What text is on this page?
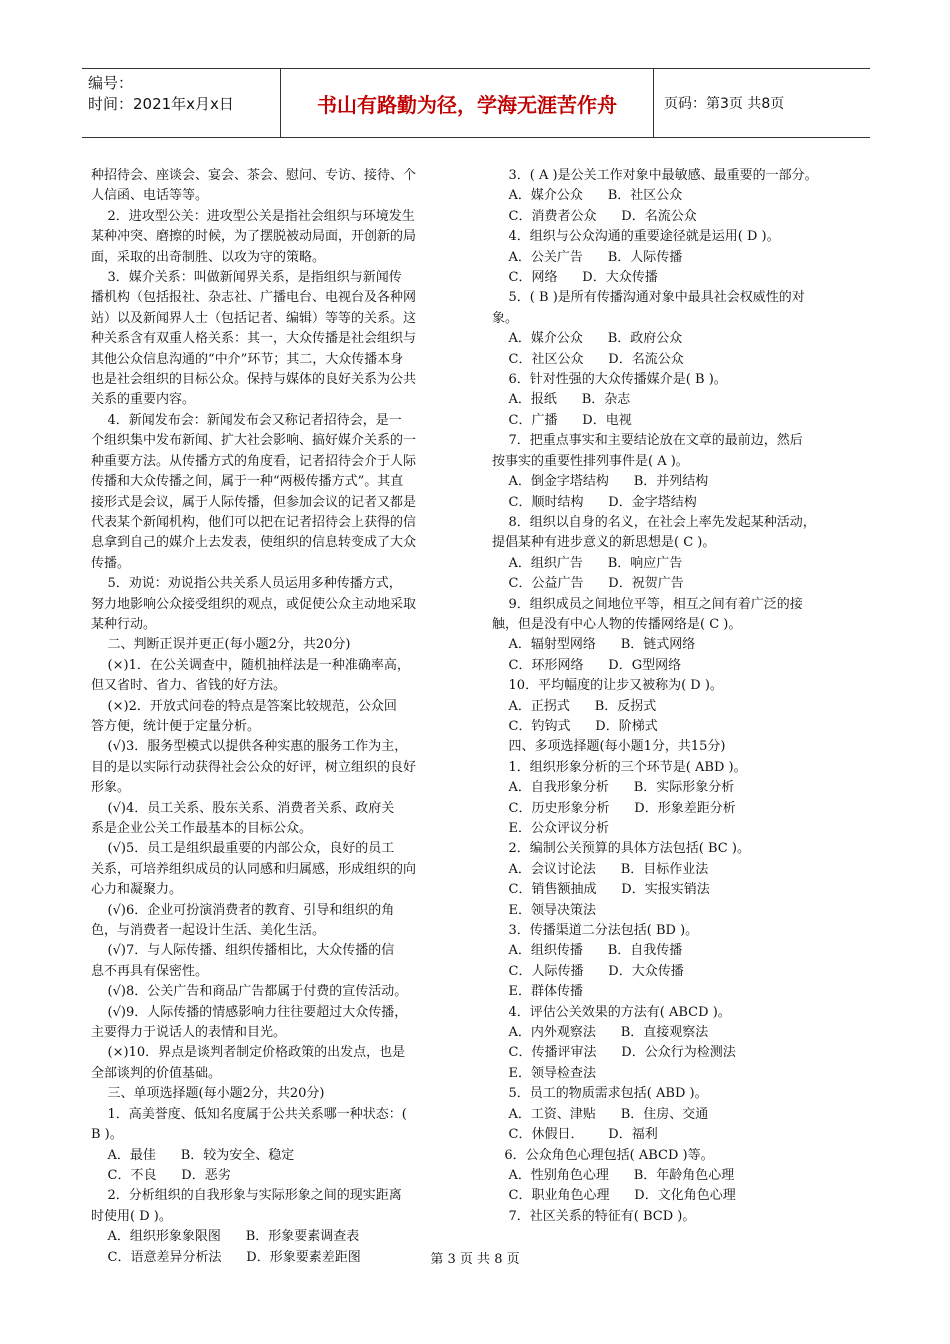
编号：
时间：2021年x月x日	书山有路勤为径，学海无涯苦作舟	页码：第3页 共8页
种招待会、座谈会、宴会、茶会、慰问、专访、接待、个
人信函、电话等等。
2．进攻型公关：进攻型公关是指社会组织与环境发生
某种冲突、磨擦的时候，为了摆脱被动局面，开创新的局
面，采取的出奇制胜、以攻为守的策略。
3．媒介关系：叫做新闻界关系，是指组织与新闻传
播机构（包括报社、杂志社、广播电台、电视台及各种网
站）以及新闻界人士（包括记者、编辑）等等的关系。这
种关系含有双重人格关系：其一，大众传播是社会组织与
其他公众信息沟通的“中介”环节；其二，大众传播本身
也是社会组织的目标公众。保持与媒体的良好关系为公共
关系的重要内容。
4．新闻发布会：新闻发布会又称记者招待会，是一
个组织集中发布新闻、扩大社会影响、搞好媒介关系的一
种重要方法。从传播方式的角度看，记者招待会介于人际
传播和大众传播之间，属于一种“两极传播方式”。其直
接形式是会议，属于人际传播，但参加会议的记者又都是
代表某个新闻机构，他们可以把在记者招待会上获得的信
息拿到自己的媒介上去发表，使组织的信息转变成了大众
传播。
5．劝说：劝说指公共关系人员运用多种传播方式，
努力地影响公众接受组织的观点，或促使公众主动地采取
某种行动。
二、判断正误并更正(每小题2分，共20分)
(×)1．在公关调查中，随机抽样法是一种准确率高，
但又省时、省力、省钱的好方法。
(×)2．开放式问卷的特点是答案比较规范，公众回
答方便，统计便于定量分析。
(√)3．服务型模式以提供各种实惠的服务工作为主，
目的是以实际行动获得社会公众的好评，树立组织的良好
形象。
(√)4．员工关系、股东关系、消费者关系、政府关
系是企业公关工作最基本的目标公众。
(√)5．员工是组织最重要的内部公众，良好的员工
关系，可培养组织成员的认同感和归属感，形成组织的向
心力和凝聚力。
(√)6．企业可扮演消费者的教育、引导和组织的角
色，与消费者一起设计生活、美化生活。
(√)7．与人际传播、组织传播相比，大众传播的信
息不再具有保密性。
(√)8．公关广告和商品广告都属于付费的宣传活动。
(√)9．人际传播的情感影响力往往要超过大众传播，
主要得力于说话人的表情和目光。
(×)10．界点是谈判者制定价格政策的出发点，也是
全部谈判的价值基础。
三、单项选择题(每小题2分，共20分)
1．高美誉度、低知名度属于公共关系哪一种状态：(
B )。
A．最佳      B．较为安全、稳定
C．不良      D．恶劣
2．分析组织的自我形象与实际形象之间的现实距离
时使用( D )。
A．组织形象象限图      B．形象要素调查表
C．语意差异分析法      D．形象要素差距图
3．( A )是公关工作对象中最敏感、最重要的一部分。
A．媒介公众      B．社区公众
C．消费者公众      D．名流公众
4．组织与公众沟通的重要途径就是运用( D )。
A．公关广告      B．人际传播
C．网络      D．大众传播
5．( B )是所有传播沟通对象中最具社会权威性的对
象。
A．媒介公众      B．政府公众
C．社区公众      D．名流公众
6．针对性强的大众传播媒介是( B )。
A．报纸      B．杂志
C．广播      D．电视
7．把重点事实和主要结论放在文章的最前边，然后
按事实的重要性排列事件是( A )。
A．倒金字塔结构      B．并列结构
C．顺时结构      D．金字塔结构
8．组织以自身的名义，在社会上率先发起某种活动，
提倡某种有进步意义的新思想是( C )。
A．组织广告      B．响应广告
C．公益广告      D．祝贺广告
9．组织成员之间地位平等，相互之间有着广泛的接
触，但是没有中心人物的传播网络是( C )。
A．辐射型网络      B．链式网络
C．环形网络      D．G型网络
10．平均幅度的让步又被称为( D )。
A．正拐式      B．反拐式
C．钓钩式      D．阶梯式
四、多项选择题(每小题1分，共15分)
1．组织形象分析的三个环节是( ABD )。
A．自我形象分析      B．实际形象分析
C．历史形象分析      D．形象差距分析
E．公众评议分析
2．编制公关预算的具体方法包括( BC )。
A．会议讨论法      B．目标作业法
C．销售额抽成      D．实报实销法
E．领导决策法
3．传播渠道二分法包括( BD )。
A．组织传播      B．自我传播
C．人际传播      D．大众传播
E．群体传播
4．评估公关效果的方法有( ABCD )。
A．内外观察法      B．直接观察法
C．传播评审法      D．公众行为检测法
E．领导检查法
5．员工的物质需求包括( ABD )。
A．工资、津贴      B．住房、交通
C．休假日．      D．福利
6．公众角色心理包括( ABCD )等。
A．性别角色心理      B．年龄角色心理
C．职业角色心理      D．文化角色心理
7．社区关系的特征有( BCD )。
第 3 页 共 8 页
